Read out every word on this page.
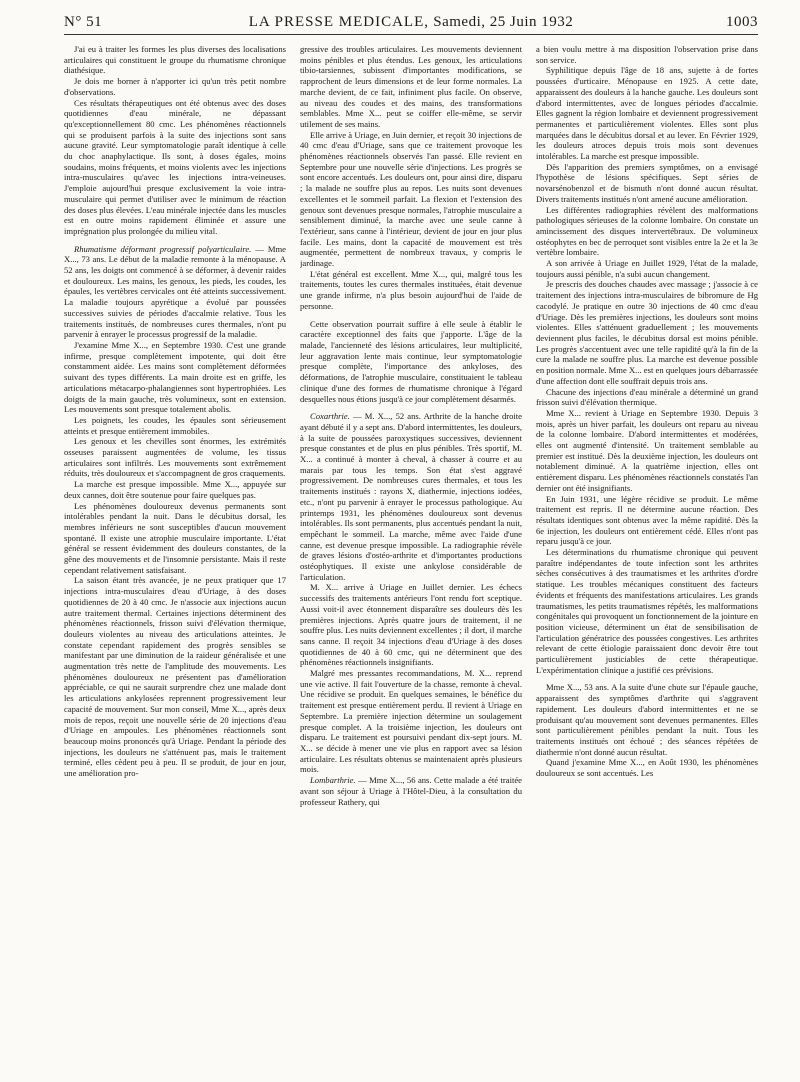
N° 51	LA PRESSE MEDICALE, Samedi, 25 Juin 1932	1003

J'ai eu à traiter les formes les plus diverses des localisations articulaires qui constituent le groupe du rhumatisme chronique diathésique.

Je dois me borner à n'apporter ici qu'un très petit nombre d'observations.

Ces résultats thérapeutiques ont été obtenus avec des doses quotidiennes d'eau minérale, ne dépassant qu'exceptionnellement 80 cmc. Les phénomènes réactionnels qui se produisent parfois à la suite des injections sont sans aucune gravité. Leur symptomatologie paraît identique à celle du choc anaphylactique. Ils sont, à doses égales, moins soudains, moins fréquents, et moins violents avec les injections intra-musculaires qu'avec les injections intra-veineuses. J'emploie aujourd'hui presque exclusivement la voie intra-musculaire qui permet d'utiliser avec le minimum de réaction des doses plus élevées. L'eau minérale injectée dans les muscles est en outre moins rapidement éliminée et assure une imprégnation plus prolongée du milieu vital.

Rhumatisme déformant progressif polyarticulaire. — Mme X..., 73 ans. Le début de la maladie remonte à la ménopause. A 52 ans, les doigts ont commencé à se déformer, à devenir raides et douloureux. Les mains, les genoux, les pieds, les coudes, les épaules, les vertèbres cervicales ont été atteints successivement. La maladie toujours apyrétique a évolué par poussées successives suivies de périodes d'accalmie relative. Tous les traitements institués, de nombreuses cures thermales, n'ont pu parvenir à enrayer le processus progressif de la maladie.

J'examine Mme X..., en Septembre 1930. C'est une grande infirme, presque complètement impotente, qui doit être constamment aidée. Les mains sont complètement déformées suivant des types différents. La main droite est en griffe, les articulations métacarpo-phalangiennes sont hypertrophiées. Les doigts de la main gauche, très volumineux, sont en extension. Les mouvements sont presque totalement abolis.

Les poignets, les coudes, les épaules sont sérieusement atteints et presque entièrement immobiles.

Les genoux et les chevilles sont énormes, les extrémités osseuses paraissent augmentées de volume, les tissus articulaires sont infiltrés. Les mouvements sont extrêmement réduits, très douloureux et s'accompagnent de gros craquements.

La marche est presque impossible. Mme X..., appuyée sur deux cannes, doit être soutenue pour faire quelques pas.

Les phénomènes douloureux devenus permanents sont intolérables pendant la nuit. Dans le décubitus dorsal, les membres inférieurs ne sont susceptibles d'aucun mouvement spontané. Il existe une atrophie musculaire importante. L'état général se ressent évidemment des douleurs constantes, de la gêne des mouvements et de l'insomnie persistante. Mais il reste cependant relativement satisfaisant.

La saison étant très avancée, je ne peux pratiquer que 17 injections intra-musculaires d'eau d'Uriage, à des doses quotidiennes de 20 à 40 cmc. Je n'associe aux injections aucun autre traitement thermal. Certaines injections déterminent des phénomènes réactionnels, frisson suivi d'élévation thermique, douleurs violentes au niveau des articulations atteintes. Je constate cependant rapidement des progrès sensibles se manifestant par une diminution de la raideur généralisée et une augmentation très nette de l'amplitude des mouvements. Les phénomènes douloureux ne présentent pas d'amélioration appréciable, ce qui ne saurait surprendre chez une malade dont les articulations ankylosées reprennent progressivement leur capacité de mouvement. Sur mon conseil, Mme X..., après deux mois de repos, reçoit une nouvelle série de 20 injections d'eau d'Uriage en ampoules. Les phénomènes réactionnels sont beaucoup moins prononcés qu'à Uriage. Pendant la période des injections, les douleurs ne s'atténuent pas, mais le traitement terminé, elles cèdent peu à peu. Il se produit, de jour en jour, une amélioration pro-

gressive des troubles articulaires. Les mouvements deviennent moins pénibles et plus étendus. Les genoux, les articulations tibio-tarsiennes, subissent d'importantes modifications, se rapprochent de leurs dimensions et de leur forme normales. La marche devient, de ce fait, infiniment plus facile. On observe, au niveau des coudes et des mains, des transformations semblables. Mme X... peut se coiffer elle-même, se servir utilement de ses mains.

Elle arrive à Uriage, en Juin dernier, et reçoit 30 injections de 40 cmc d'eau d'Uriage, sans que ce traitement provoque les phénomènes réactionnels observés l'an passé. Elle revient en Septembre pour une nouvelle série d'injections. Les progrès se sont encore accentués. Les douleurs ont, pour ainsi dire, disparu ; la malade ne souffre plus au repos. Les nuits sont devenues excellentes et le sommeil parfait. La flexion et l'extension des genoux sont devenues presque normales, l'atrophie musculaire a sensiblement diminué, la marche avec une seule canne à l'extérieur, sans canne à l'intérieur, devient de jour en jour plus facile. Les mains, dont la capacité de mouvement est très augmentée, permettent de nombreux travaux, y compris le jardinage.

L'état général est excellent. Mme X..., qui, malgré tous les traitements, toutes les cures thermales instituées, était devenue une grande infirme, n'a plus besoin aujourd'hui de l'aide de personne.

Cette observation pourrait suffire à elle seule à établir le caractère exceptionnel des faits que j'apporte. L'âge de la malade, l'ancienneté des lésions articulaires, leur multiplicité, leur aggravation lente mais continue, leur symptomatologie presque complète, l'importance des ankyloses, des déformations, de l'atrophie musculaire, constituaient le tableau clinique d'une des formes de rhumatisme chronique à l'égard desquelles nous étions jusqu'à ce jour complètement désarmés.

Coxarthrie. — M. X..., 52 ans. Arthrite de la hanche droite ayant débuté il y a sept ans. D'abord intermittentes, les douleurs, à la suite de poussées paroxystiques successives, deviennent presque constantes et de plus en plus pénibles. Très sportif, M. X... a continué à monter à cheval, à chasser à courre et au marais par tous les temps. Son état s'est aggravé progressivement. De nombreuses cures thermales, et tous les traitements institués : rayons X, diathermie, injections iodées, etc., n'ont pu parvenir à enrayer le processus pathologique. Au printemps 1931, les phénomènes douloureux sont devenus intolérables. Ils sont permanents, plus accentués pendant la nuit, empêchant le sommeil. La marche, même avec l'aide d'une canne, est devenue presque impossible. La radiographie révèle de graves lésions d'ostéo-arthrite et d'importantes productions ostéophytiques. Il existe une ankylose considérable de l'articulation.

M. X... arrive à Uriage en Juillet dernier. Les échecs successifs des traitements antérieurs l'ont rendu fort sceptique. Aussi voit-il avec étonnement disparaître ses douleurs dès les premières injections. Après quatre jours de traitement, il ne souffre plus. Les nuits deviennent excellentes ; il dort, il marche sans canne. Il reçoit 34 injections d'eau d'Uriage à des doses quotidiennes de 40 à 60 cmc, qui ne déterminent que des phénomènes réactionnels insignifiants.

Malgré mes pressantes recommandations, M. X... reprend une vie active. Il fait l'ouverture de la chasse, remonte à cheval. Une récidive se produit. En quelques semaines, le bénéfice du traitement est presque entièrement perdu. Il revient à Uriage en Septembre. La première injection détermine un soulagement presque complet. A la troisième injection, les douleurs ont disparu. Le traitement est poursuivi pendant dix-sept jours. M. X... se décide à mener une vie plus en rapport avec sa lésion articulaire. Les résultats obtenus se maintenaient après plusieurs mois.

Lombarthrie. — Mme X..., 56 ans. Cette malade a été traitée avant son séjour à Uriage à l'Hôtel-Dieu, à la consultation du professeur Rathery, qui

a bien voulu mettre à ma disposition l'observation prise dans son service.

Syphilitique depuis l'âge de 18 ans, sujette à de fortes poussées d'urticaire. Ménopause en 1925. A cette date, apparaissent des douleurs à la hanche gauche. Les douleurs sont d'abord intermittentes, avec de longues périodes d'accalmie. Elles gagnent la région lombaire et deviennent progressivement permanentes et particulièrement violentes. Elles sont plus marquées dans le décubitus dorsal et au lever. En Février 1929, les douleurs atroces depuis trois mois sont devenues intolérables. La marche est presque impossible.

Dès l'apparition des premiers symptômes, on a envisagé l'hypothèse de lésions spécifiques. Sept séries de novarsénobenzol et de bismuth n'ont donné aucun résultat. Divers traitements institués n'ont amené aucune amélioration.

Les différentes radiographies révèlent des malformations pathologiques sérieuses de la colonne lombaire. On constate un amincissement des disques intervertébraux. De volumineux ostéophytes en bec de perroquet sont visibles entre la 2e et la 3e vertèbre lombaire.

A son arrivée à Uriage en Juillet 1929, l'état de la malade, toujours aussi pénible, n'a subi aucun changement.

Je prescris des douches chaudes avec massage ; j'associe à ce traitement des injections intra-musculaires de bibromure de Hg cacodylé. Je pratique en outre 30 injections de 40 cmc d'eau d'Uriage. Dès les premières injections, les douleurs sont moins violentes. Elles s'atténuent graduellement ; les mouvements deviennent plus faciles, le décubitus dorsal est moins pénible. Les progrès s'accentuent avec une telle rapidité qu'à la fin de la cure la malade ne souffre plus. La marche est devenue possible en position normale. Mme X... est en quelques jours débarrassée d'une affection dont elle souffrait depuis trois ans.

Chacune des injections d'eau minérale a déterminé un grand frisson suivi d'élévation thermique.

Mme X... revient à Uriage en Septembre 1930. Depuis 3 mois, après un hiver parfait, les douleurs ont reparu au niveau de la colonne lombaire. D'abord intermittentes et modérées, elles ont augmenté d'intensité. Un traitement semblable au premier est institué. Dès la deuxième injection, les douleurs ont notablement diminué. A la quatrième injection, elles ont entièrement disparu. Les phénomènes réactionnels constatés l'an dernier ont été insignifiants.

En Juin 1931, une légère récidive se produit. Le même traitement est repris. Il ne détermine aucune réaction. Des résultats identiques sont obtenus avec la même rapidité. Dès la 6e injection, les douleurs ont entièrement cédé. Elles n'ont pas reparu jusqu'à ce jour.

Les déterminations du rhumatisme chronique qui peuvent paraître indépendantes de toute infection sont les arthrites sèches consécutives à des traumatismes et les arthrites d'ordre statique. Les troubles mécaniques constituent des facteurs évidents et fréquents des manifestations articulaires. Les grands traumatismes, les petits traumatismes répétés, les malformations congénitales qui provoquent un fonctionnement de la jointure en position vicieuse, déterminent un état de sensibilisation de l'articulation génératrice des poussées congestives. Les arthrites relevant de cette étiologie paraissaient donc devoir être tout particulièrement justiciables de cette thérapeutique. L'expérimentation clinique a justifié ces prévisions.

Mme X..., 53 ans. A la suite d'une chute sur l'épaule gauche, apparaissent des symptômes d'arthrite qui s'aggravent rapidement. Les douleurs d'abord intermittentes et ne se produisant qu'au mouvement sont devenues permanentes. Elles sont particulièrement pénibles pendant la nuit. Tous les traitements institués ont échoué ; des séances répétées de diathermie n'ont donné aucun résultat.

Quand j'examine Mme X..., en Août 1930, les phénomènes douloureux se sont accentués. Les
